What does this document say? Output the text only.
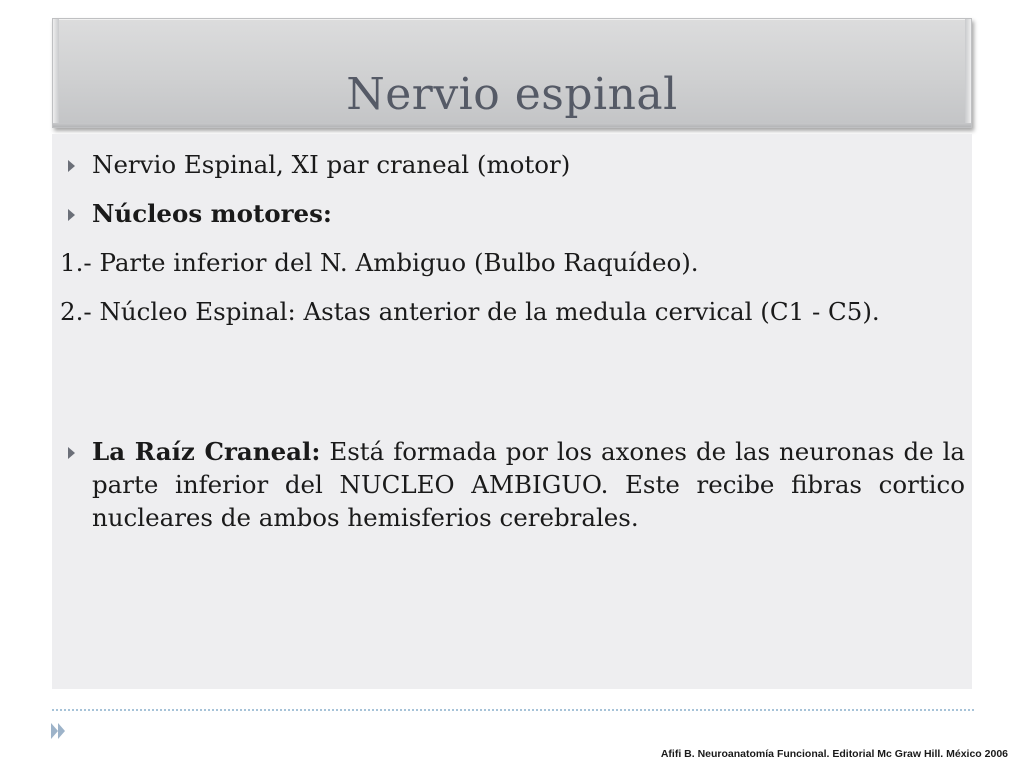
Nervio espinal
Nervio Espinal, XI par craneal (motor)
Núcleos motores:
1.- Parte inferior del N. Ambiguo (Bulbo Raquídeo).
2.- Núcleo Espinal: Astas anterior de la medula cervical (C1 - C5).
La Raíz Craneal: Está formada por los axones de las neuronas de la parte inferior del NUCLEO AMBIGUO. Este recibe fibras cortico nucleares de ambos hemisferios cerebrales.
Afifi B. Neuroanatomía Funcional. Editorial Mc Graw Hill. México 2006
